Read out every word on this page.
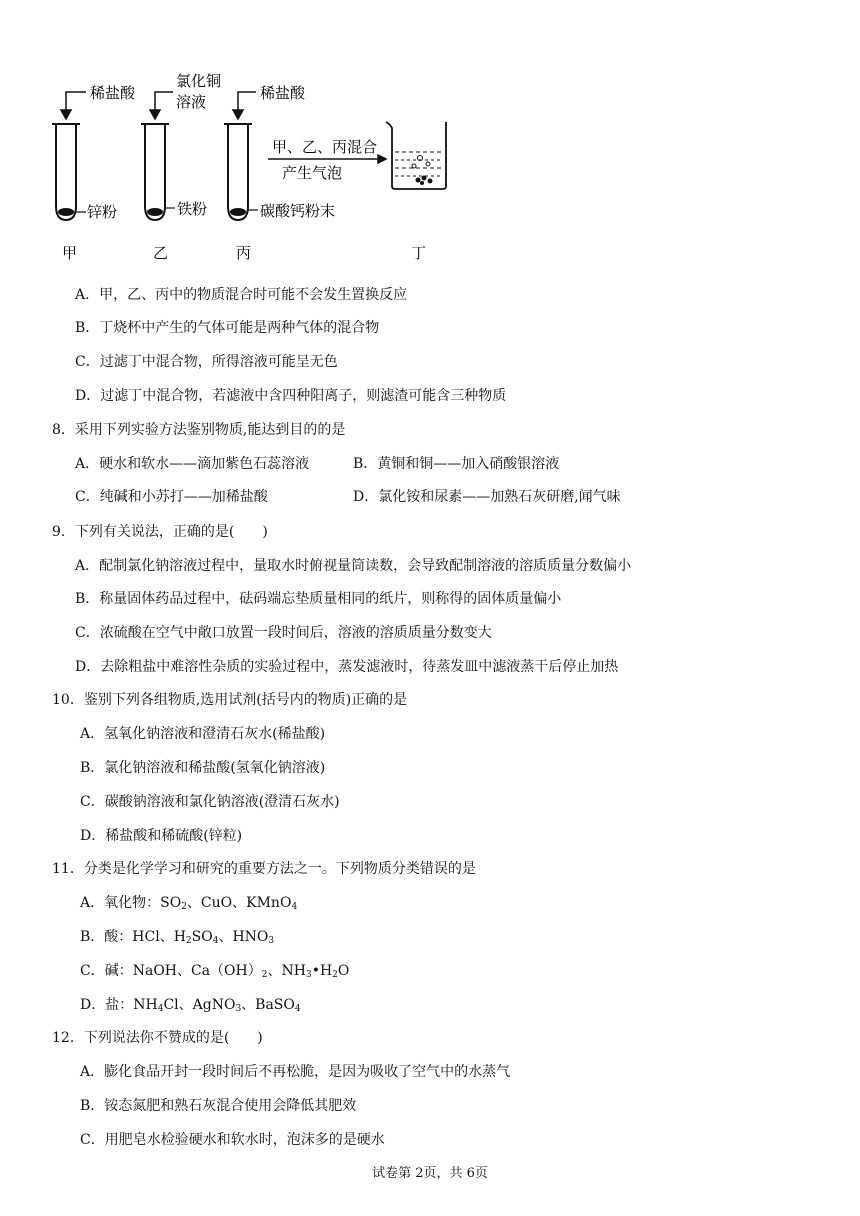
稀盐酸
锌粉
氯化铜
溶液
铁粉
稀盐酸
碳酸钙粉末
甲、乙、丙混合
产生气泡
甲	乙	丙	丁
A．甲，乙、丙中的物质混合时可能不会发生置换反应
B．丁烧杯中产生的气体可能是两种气体的混合物
C．过滤丁中混合物，所得溶液可能呈无色
D．过滤丁中混合物，若滤液中含四种阳离子，则滤渣可能含三种物质
8．采用下列实验方法鉴别物质,能达到目的的是
A．硬水和软水——滴加紫色石蕊溶液	B．黄铜和铜——加入硝酸银溶液
C．纯碱和小苏打——加稀盐酸	D．氯化铵和尿素——加熟石灰研磨,闻气味
9．下列有关说法，正确的是(　　)
A．配制氯化钠溶液过程中，量取水时俯视量筒读数，会导致配制溶液的溶质质量分数偏小
B．称量固体药品过程中，砝码端忘垫质量相同的纸片，则称得的固体质量偏小
C．浓硫酸在空气中敞口放置一段时间后，溶液的溶质质量分数变大
D．去除粗盐中难溶性杂质的实验过程中，蒸发滤液时，待蒸发皿中滤液蒸干后停止加热
10．鉴别下列各组物质,选用试剂(括号内的物质)正确的是
A．氢氧化钠溶液和澄清石灰水(稀盐酸)
B．氯化钠溶液和稀盐酸(氢氧化钠溶液)
C．碳酸钠溶液和氯化钠溶液(澄清石灰水)
D．稀盐酸和稀硫酸(锌粒)
11．分类是化学学习和研究的重要方法之一。下列物质分类错误的是
A．氧化物：$SO_2$、CuO、KMnO$_4$
B．酸：HCl、$H_2SO_4$、$HNO_3$
C．碱：NaOH、$Ca(OH)_2$、$NH_3•H_2O$
D．盐：$NH_4Cl$、AgNO$_3$、BaSO$_4$
12．下列说法你不赞成的是(　　)
A．膨化食品开封一段时间后不再松脆，是因为吸收了空气中的水蒸气
B．铵态氮肥和熟石灰混合使用会降低其肥效
C．用肥皂水检验硬水和软水时，泡沫多的是硬水
试卷第 2页，共 6页
